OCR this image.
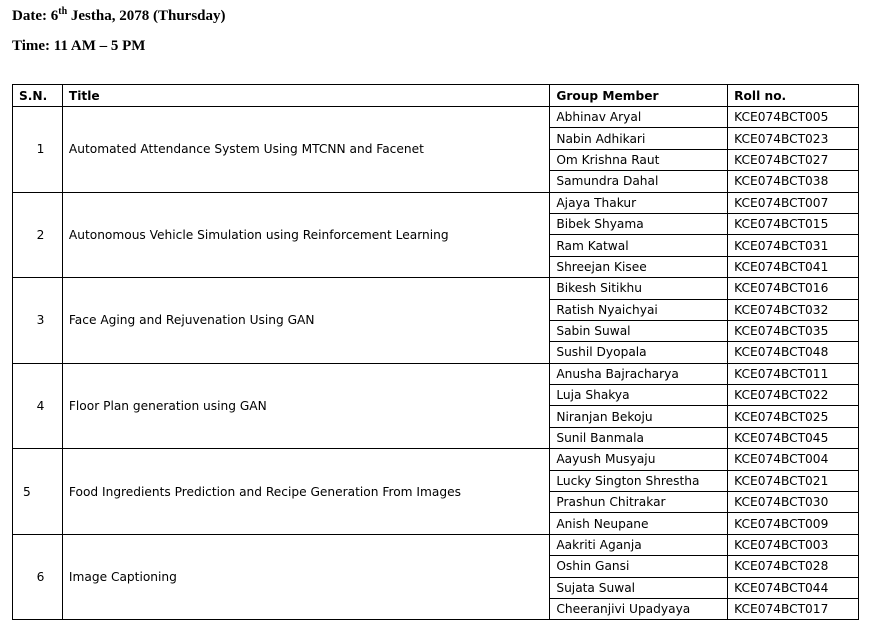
Date: 6th Jestha, 2078 (Thursday)

Time: 11 AM – 5 PM

S.N.	Title	Group Member	Roll no.
1	Automated Attendance System Using MTCNN and Facenet	Abhinav Aryal	KCE074BCT005
		Nabin Adhikari	KCE074BCT023
		Om Krishna Raut	KCE074BCT027
		Samundra Dahal	KCE074BCT038
2	Autonomous Vehicle Simulation using Reinforcement Learning	Ajaya Thakur	KCE074BCT007
		Bibek Shyama	KCE074BCT015
		Ram Katwal	KCE074BCT031
		Shreejan Kisee	KCE074BCT041
3	Face Aging and Rejuvenation Using GAN	Bikesh Sitikhu	KCE074BCT016
		Ratish Nyaichyai	KCE074BCT032
		Sabin Suwal	KCE074BCT035
		Sushil Dyopala	KCE074BCT048
4	Floor Plan generation using GAN	Anusha Bajracharya	KCE074BCT011
		Luja Shakya	KCE074BCT022
		Niranjan Bekoju	KCE074BCT025
		Sunil Banmala	KCE074BCT045
5	Food Ingredients Prediction and Recipe Generation From Images	Aayush Musyaju	KCE074BCT004
		Lucky Sington Shrestha	KCE074BCT021
		Prashun Chitrakar	KCE074BCT030
		Anish Neupane	KCE074BCT009
6	Image Captioning	Aakriti Aganja	KCE074BCT003
		Oshin Gansi	KCE074BCT028
		Sujata Suwal	KCE074BCT044
		Cheeranjivi Upadyaya	KCE074BCT017
